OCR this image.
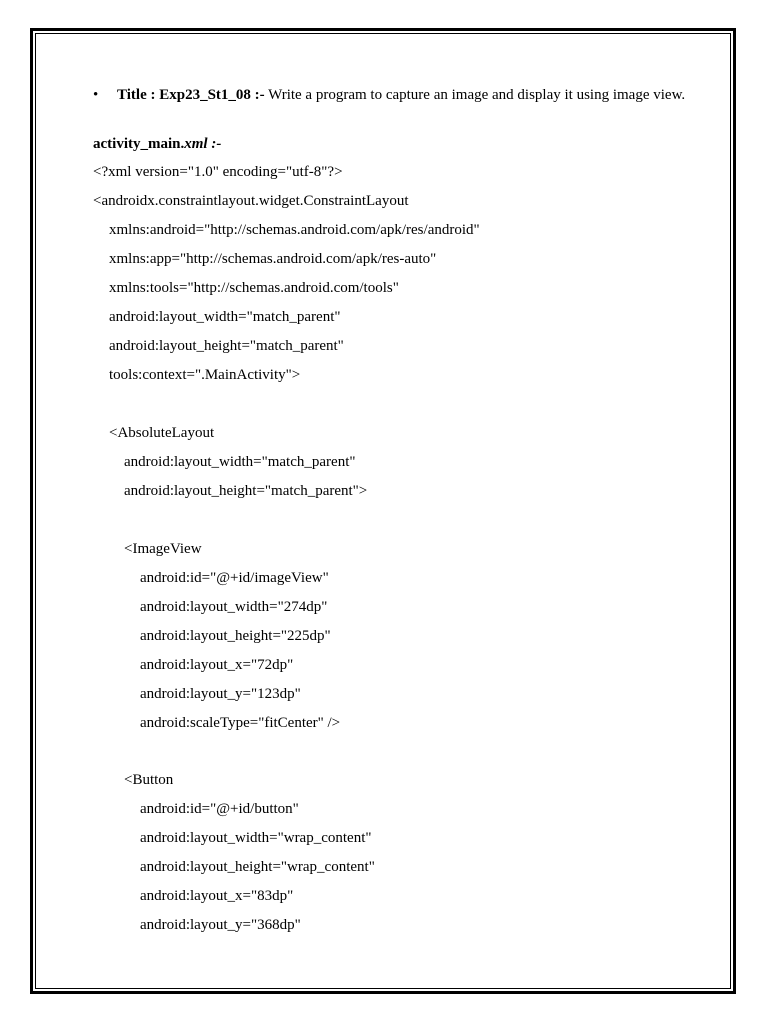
• Title : Exp23_St1_08 :- Write a program to capture an image and display it using image view.
activity_main.xml :-
<?xml version="1.0" encoding="utf-8"?>
<androidx.constraintlayout.widget.ConstraintLayout
xmlns:android="http://schemas.android.com/apk/res/android"
xmlns:app="http://schemas.android.com/apk/res-auto"
xmlns:tools="http://schemas.android.com/tools"
android:layout_width="match_parent"
android:layout_height="match_parent"
tools:context=".MainActivity">
<AbsoluteLayout
android:layout_width="match_parent"
android:layout_height="match_parent">
<ImageView
android:id="@+id/imageView"
android:layout_width="274dp"
android:layout_height="225dp"
android:layout_x="72dp"
android:layout_y="123dp"
android:scaleType="fitCenter" />
<Button
android:id="@+id/button"
android:layout_width="wrap_content"
android:layout_height="wrap_content"
android:layout_x="83dp"
android:layout_y="368dp"
